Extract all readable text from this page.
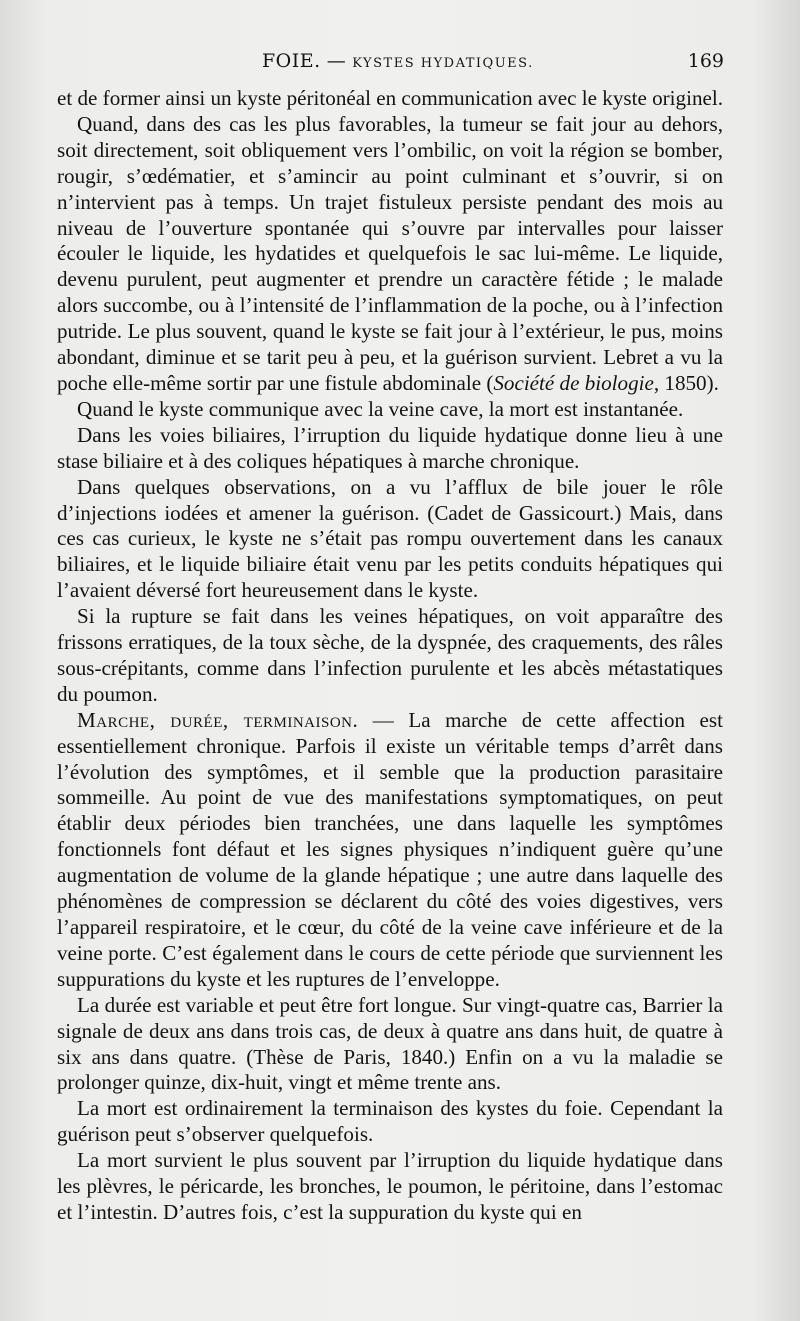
FOIE. — KYSTES HYDATIQUES.	169

et de former ainsi un kyste péritonéal en communication avec le kyste originel.

Quand, dans des cas les plus favorables, la tumeur se fait jour au dehors, soit directement, soit obliquement vers l’ombilic, on voit la région se bomber, rougir, s’œdématier, et s’amincir au point culminant et s’ouvrir, si on n’intervient pas à temps. Un trajet fistuleux persiste pendant des mois au niveau de l’ouverture spontanée qui s’ouvre par intervalles pour laisser écouler le liquide, les hydatides et quelquefois le sac lui-même. Le liquide, devenu purulent, peut augmenter et prendre un caractère fétide ; le malade alors succombe, ou à l’intensité de l’inflammation de la poche, ou à l’infection putride. Le plus souvent, quand le kyste se fait jour à l’extérieur, le pus, moins abondant, diminue et se tarit peu à peu, et la guérison survient. Lebret a vu la poche elle-même sortir par une fistule abdominale (Société de biologie, 1850).

Quand le kyste communique avec la veine cave, la mort est instantanée.

Dans les voies biliaires, l’irruption du liquide hydatique donne lieu à une stase biliaire et à des coliques hépatiques à marche chronique.

Dans quelques observations, on a vu l’afflux de bile jouer le rôle d’injections iodées et amener la guérison. (Cadet de Gassicourt.) Mais, dans ces cas curieux, le kyste ne s’était pas rompu ouvertement dans les canaux biliaires, et le liquide biliaire était venu par les petits conduits hépatiques qui l’avaient déversé fort heureusement dans le kyste.

Si la rupture se fait dans les veines hépatiques, on voit apparaître des frissons erratiques, de la toux sèche, de la dyspnée, des craquements, des râles sous-crépitants, comme dans l’infection purulente et les abcès métastatiques du poumon.

Marche, durée, terminaison. — La marche de cette affection est essentiellement chronique. Parfois il existe un véritable temps d’arrêt dans l’évolution des symptômes, et il semble que la production parasitaire sommeille. Au point de vue des manifestations symptomatiques, on peut établir deux périodes bien tranchées, une dans laquelle les symptômes fonctionnels font défaut et les signes physiques n’indiquent guère qu’une augmentation de volume de la glande hépatique ; une autre dans laquelle des phénomènes de compression se déclarent du côté des voies digestives, vers l’appareil respiratoire, et le cœur, du côté de la veine cave inférieure et de la veine porte. C’est également dans le cours de cette période que surviennent les suppurations du kyste et les ruptures de l’enveloppe.

La durée est variable et peut être fort longue. Sur vingt-quatre cas, Barrier la signale de deux ans dans trois cas, de deux à quatre ans dans huit, de quatre à six ans dans quatre. (Thèse de Paris, 1840.) Enfin on a vu la maladie se prolonger quinze, dix-huit, vingt et même trente ans.

La mort est ordinairement la terminaison des kystes du foie. Cependant la guérison peut s’observer quelquefois.

La mort survient le plus souvent par l’irruption du liquide hydatique dans les plèvres, le péricarde, les bronches, le poumon, le péritoine, dans l’estomac et l’intestin. D’autres fois, c’est la suppuration du kyste qui en
